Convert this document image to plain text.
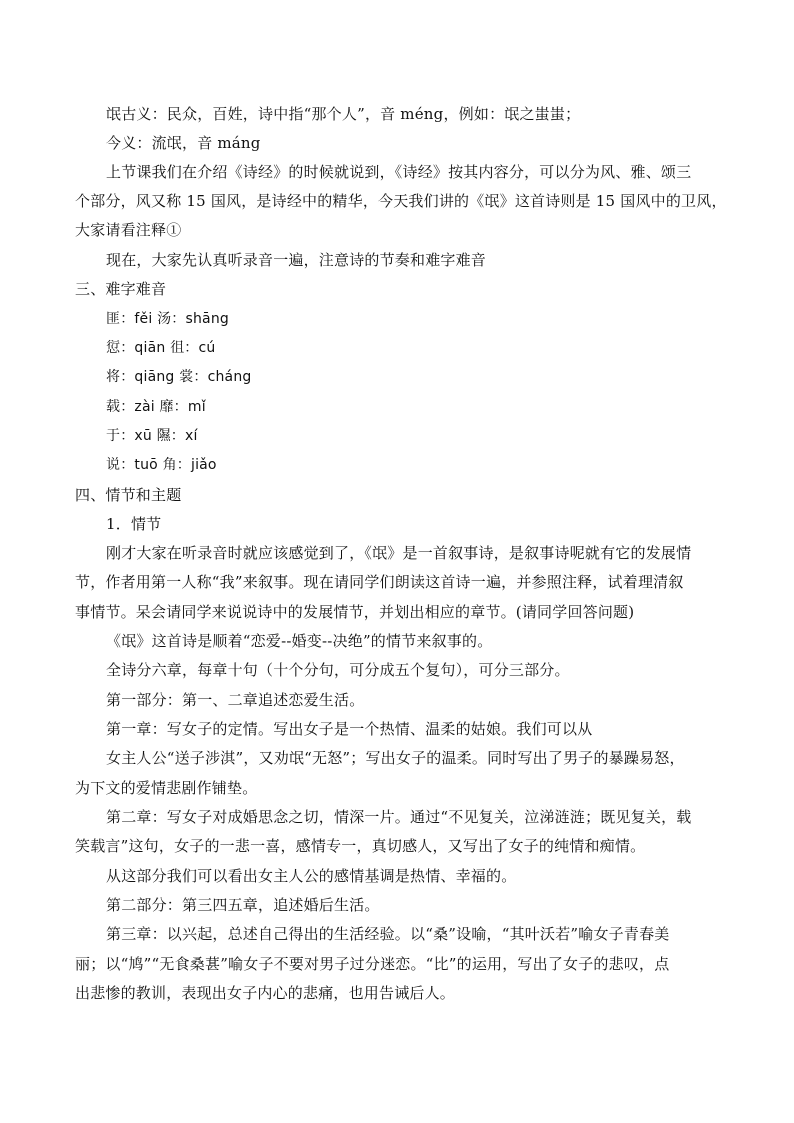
氓古义：民众，百姓，诗中指“那个人”，音 méng，例如：氓之蚩蚩；
今义：流氓，音 máng
上节课我们在介绍《诗经》的时候就说到，《诗经》按其内容分，可以分为风、雅、颂三
个部分，风又称 15 国风，是诗经中的精华，今天我们讲的《氓》这首诗则是 15 国风中的卫风，
大家请看注释①
现在，大家先认真听录音一遍，注意诗的节奏和难字难音
三、难字难音
匪：fěi 汤：shāng
愆：qiān 徂：cú
将：qiāng 裳：cháng
载：zài 靡：mǐ
于：xū 隰：xí
说：tuō 角：jiǎo
四、情节和主题
1．情节
刚才大家在听录音时就应该感觉到了，《氓》是一首叙事诗，是叙事诗呢就有它的发展情
节，作者用第一人称“我”来叙事。现在请同学们朗读这首诗一遍，并参照注释，试着理清叙
事情节。呆会请同学来说说诗中的发展情节，并划出相应的章节。(请同学回答问题)
《氓》这首诗是顺着“恋爱--婚变--决绝”的情节来叙事的。
全诗分六章，每章十句（十个分句，可分成五个复句），可分三部分。
第一部分：第一、二章追述恋爱生活。
第一章：写女子的定情。写出女子是一个热情、温柔的姑娘。我们可以从
女主人公“送子涉淇”，又劝氓“无怒”；写出女子的温柔。同时写出了男子的暴躁易怒，
为下文的爱情悲剧作铺垫。
第二章：写女子对成婚思念之切，情深一片。通过“不见复关，泣涕涟涟；既见复关，载
笑载言”这句，女子的一悲一喜，感情专一，真切感人，又写出了女子的纯情和痴情。
从这部分我们可以看出女主人公的感情基调是热情、幸福的。
第二部分：第三四五章，追述婚后生活。
第三章：以兴起，总述自己得出的生活经验。以“桑”设喻，“其叶沃若”喻女子青春美
丽；以“鸠”“无食桑葚”喻女子不要对男子过分迷恋。“比”的运用，写出了女子的悲叹，点
出悲惨的教训，表现出女子内心的悲痛，也用告诫后人。
